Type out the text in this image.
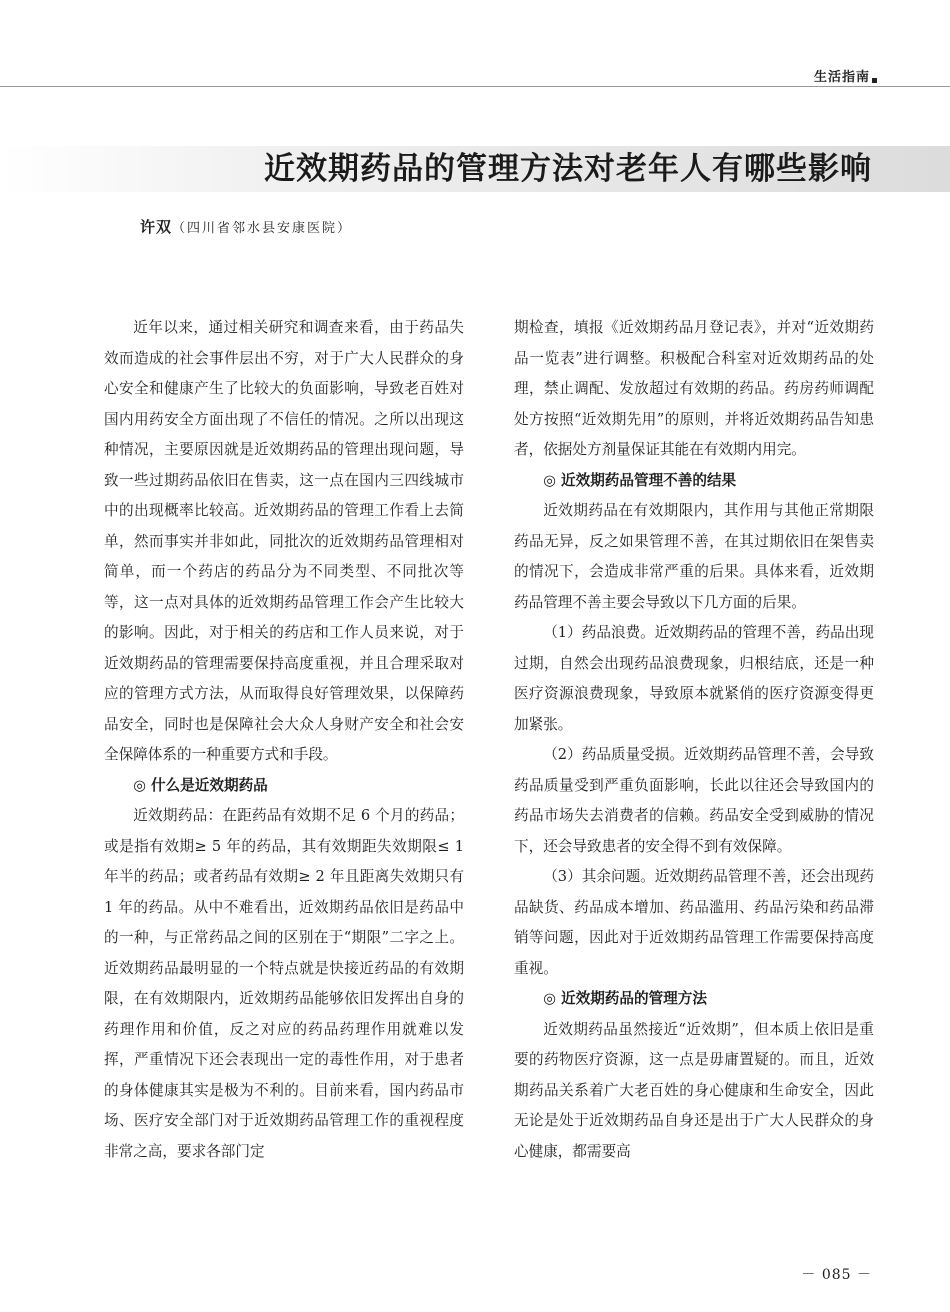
生活指南
近效期药品的管理方法对老年人有哪些影响
许双（四川省邻水县安康医院）

近年以来，通过相关研究和调查来看，由于药品失效而造成的社会事件层出不穷，对于广大人民群众的身心安全和健康产生了比较大的负面影响，导致老百姓对国内用药安全方面出现了不信任的情况。之所以出现这种情况，主要原因就是近效期药品的管理出现问题，导致一些过期药品依旧在售卖，这一点在国内三四线城市中的出现概率比较高。近效期药品的管理工作看上去简单，然而事实并非如此，同批次的近效期药品管理相对简单，而一个药店的药品分为不同类型、不同批次等等，这一点对具体的近效期药品管理工作会产生比较大的影响。因此，对于相关的药店和工作人员来说，对于近效期药品的管理需要保持高度重视，并且合理采取对应的管理方式方法，从而取得良好管理效果，以保障药品安全，同时也是保障社会大众人身财产安全和社会安全保障体系的一种重要方式和手段。

◎ 什么是近效期药品

近效期药品：在距药品有效期不足 6 个月的药品；或是指有效期≥ 5 年的药品，其有效期距失效期限≤ 1 年半的药品；或者药品有效期≥ 2 年且距离失效期只有 1 年的药品。从中不难看出，近效期药品依旧是药品中的一种，与正常药品之间的区别在于“期限”二字之上。近效期药品最明显的一个特点就是快接近药品的有效期限，在有效期限内，近效期药品能够依旧发挥出自身的药理作用和价值，反之对应的药品药理作用就难以发挥，严重情况下还会表现出一定的毒性作用，对于患者的身体健康其实是极为不利的。目前来看，国内药品市场、医疗安全部门对于近效期药品管理工作的重视程度非常之高，要求各部门定

期检查，填报《近效期药品月登记表》，并对“近效期药品一览表”进行调整。积极配合科室对近效期药品的处理，禁止调配、发放超过有效期的药品。药房药师调配处方按照“近效期先用”的原则，并将近效期药品告知患者，依据处方剂量保证其能在有效期内用完。

◎ 近效期药品管理不善的结果

近效期药品在有效期限内，其作用与其他正常期限药品无异，反之如果管理不善，在其过期依旧在架售卖的情况下，会造成非常严重的后果。具体来看，近效期药品管理不善主要会导致以下几方面的后果。

（1）药品浪费。近效期药品的管理不善，药品出现过期，自然会出现药品浪费现象，归根结底，还是一种医疗资源浪费现象，导致原本就紧俏的医疗资源变得更加紧张。

（2）药品质量受损。近效期药品管理不善，会导致药品质量受到严重负面影响，长此以往还会导致国内的药品市场失去消费者的信赖。药品安全受到威胁的情况下，还会导致患者的安全得不到有效保障。

（3）其余问题。近效期药品管理不善，还会出现药品缺货、药品成本增加、药品滥用、药品污染和药品滞销等问题，因此对于近效期药品管理工作需要保持高度重视。

◎ 近效期药品的管理方法

近效期药品虽然接近“近效期”，但本质上依旧是重要的药物医疗资源，这一点是毋庸置疑的。而且，近效期药品关系着广大老百姓的身心健康和生命安全，因此无论是处于近效期药品自身还是出于广大人民群众的身心健康，都需要高

－ 085 －
